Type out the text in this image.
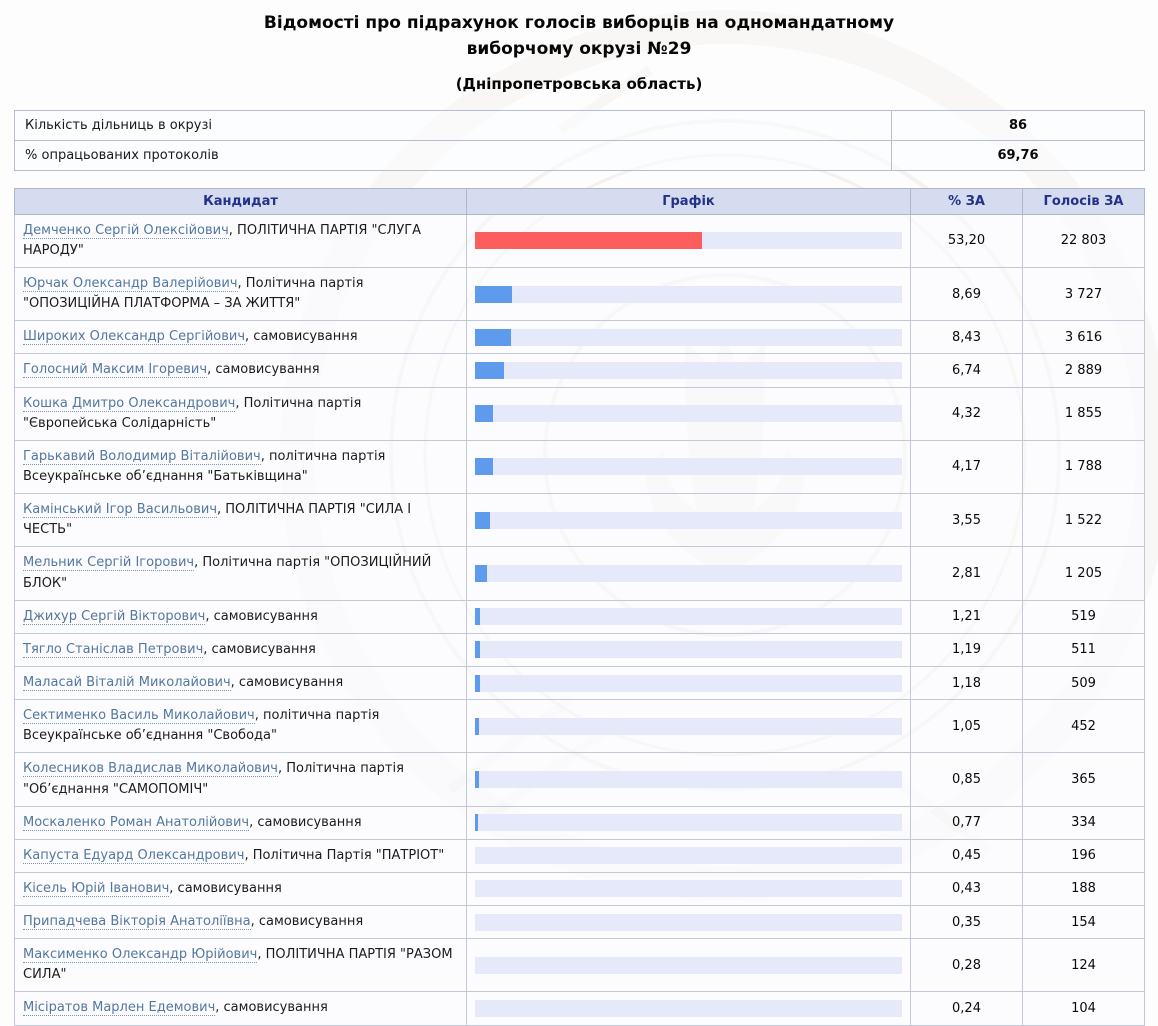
Відомості про підрахунок голосів виборців на одномандатному виборчому окрузі №29
(Дніпропетровська область)
Кількість дільниць в окрузі	86
% опрацьованих протоколів	69,76
Кандидат	Графік	% ЗА	Голосів ЗА
Демченко Сергій Олексійович, ПОЛІТИЧНА ПАРТІЯ "СЛУГА НАРОДУ"		53,20	22 803
Юрчак Олександр Валерійович, Політична партія "ОПОЗИЦІЙНА ПЛАТФОРМА – ЗА ЖИТТЯ"		8,69	3 727
Широких Олександр Сергійович, самовисування		8,43	3 616
Голосний Максим Ігоревич, самовисування		6,74	2 889
Кошка Дмитро Олександрович, Політична партія "Європейська Солідарність"		4,32	1 855
Гарькавий Володимир Віталійович, політична партія Всеукраїнське об’єднання "Батьківщина"		4,17	1 788
Камінський Ігор Васильович, ПОЛІТИЧНА ПАРТІЯ "СИЛА І ЧЕСТЬ"		3,55	1 522
Мельник Сергій Ігорович, Політична партія "ОПОЗИЦІЙНИЙ БЛОК"		2,81	1 205
Джихур Сергій Вікторович, самовисування		1,21	519
Тягло Станіслав Петрович, самовисування		1,19	511
Маласай Віталій Миколайович, самовисування		1,18	509
Сектименко Василь Миколайович, політична партія Всеукраїнське об’єднання "Свобода"		1,05	452
Колесников Владислав Миколайович, Політична партія "Об’єднання "САМОПОМІЧ"		0,85	365
Москаленко Роман Анатолійович, самовисування		0,77	334
Капуста Едуард Олександрович, Політична Партія "ПАТРІОТ"		0,45	196
Кісель Юрій Іванович, самовисування		0,43	188
Припадчева Вікторія Анатоліївна, самовисування		0,35	154
Максименко Олександр Юрійович, ПОЛІТИЧНА ПАРТІЯ "РАЗОМ СИЛА"		0,28	124
Місіратов Марлен Едемович, самовисування		0,24	104
